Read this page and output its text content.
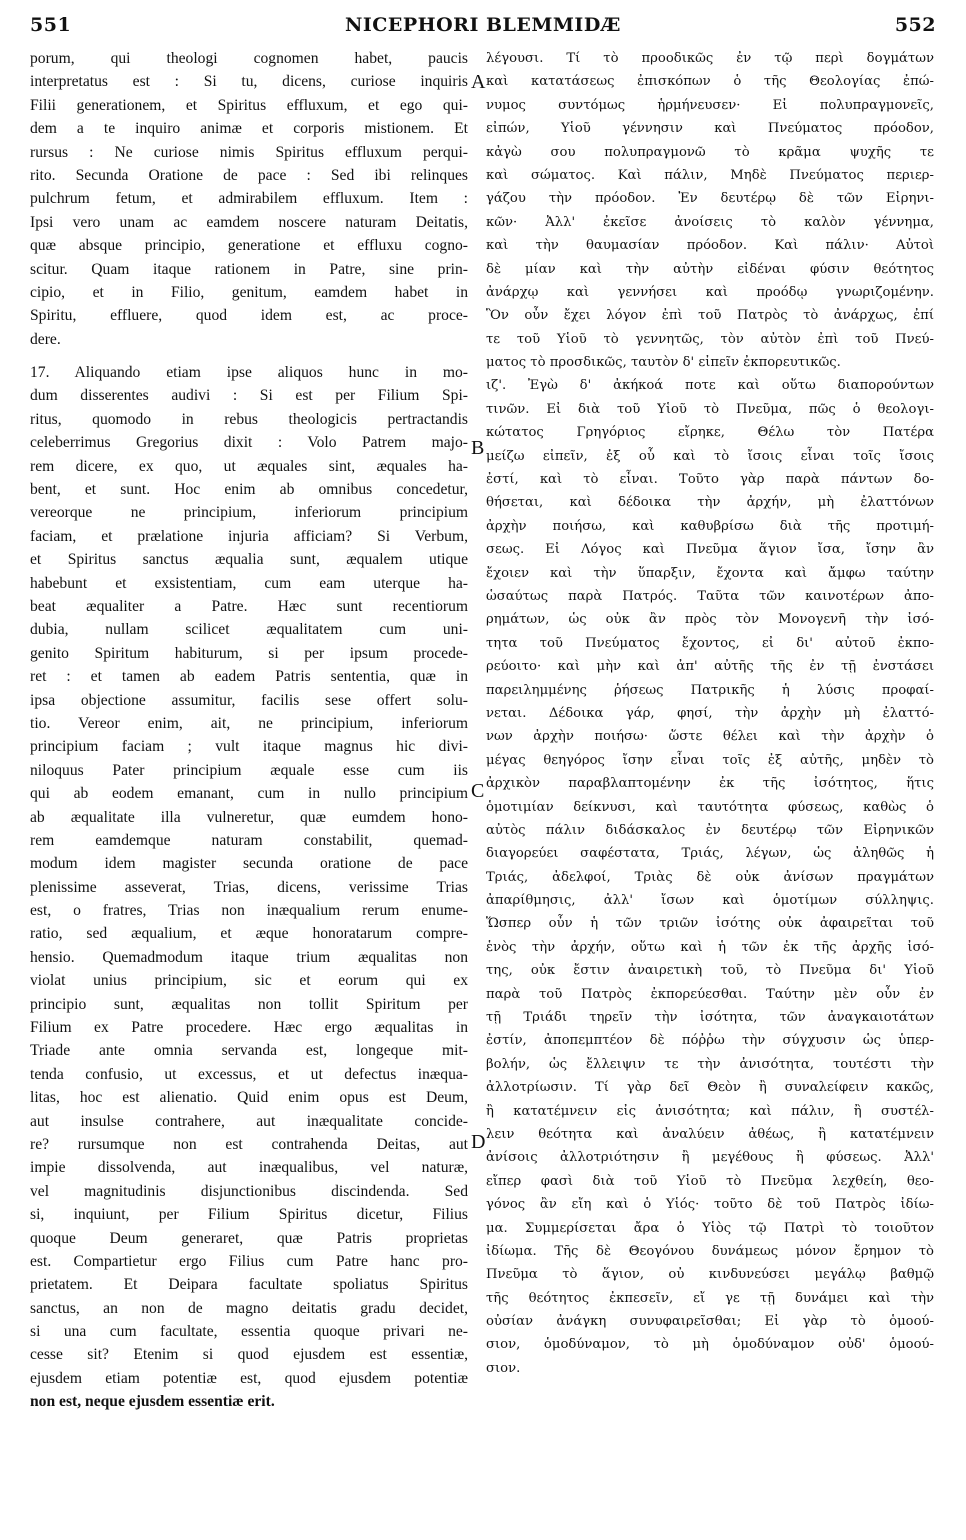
551	NICEPHORI BLEMMIDÆ	552
porum, qui theologi cognomen habet, paucis
interpretatus est : Si tu, dicens, curiose inquiris
Filii generationem, et Spiritus effluxum, et ego qui-
dem a te inquiro animæ et corporis mistionem. Et
rursus : Ne curiose nimis Spiritus effluxum perqui-
rito. Secunda Oratione de pace : Sed ibi relinques
pulchrum fetum, et admirabilem effluxum. Item :
Ipsi vero unam ac eamdem noscere naturam Deitatis,
quæ absque principio, generatione et effluxu cogno-
scitur. Quam itaque rationem in Patre, sine prin-
cipio, et in Filio, genitum, eamdem habet in
Spiritu, effluere, quod idem est, ac proce-
dere.
17. Aliquando etiam ipse aliquos hunc in mo-
dum disserentes audivi : Si est per Filium Spi-
ritus, quomodo in rebus theologicis pertractandis
celeberrimus Gregorius dixit : Volo Patrem majo-
rem dicere, ex quo, ut æquales sint, æquales ha-
bent, et sunt. Hoc enim ab omnibus concedetur,
vereorque ne principium, inferiorum principium
faciam, et prælatione injuria afficiam? Si Verbum,
et Spiritus sanctus æqualia sunt, æqualem utique
habebunt et exsistentiam, cum eam uterque ha-
beat æqualiter a Patre. Hæc sunt recentiorum
dubia, nullam scilicet æqualitatem cum uni-
genito Spiritum habiturum, si per ipsum procede-
ret : et tamen ab eadem Patris sententia, quæ in
ipsa objectione assumitur, facilis sese offert solu-
tio. Vereor enim, ait, ne principium, inferiorum
principium faciam ; vult itaque magnus hic divi-
niloquus Pater principium æquale esse cum iis
qui ab eodem emanant, cum in nullo principium
ab æqualitate illa vulneretur, quæ eumdem hono-
rem eamdemque naturam constabilit, quemad-
modum idem magister secunda oratione de pace
plenissime asseverat, Trias, dicens, verissime Trias
est, o fratres, Trias non inæqualium rerum enume-
ratio, sed æqualium, et æque honoratarum compre-
hensio. Quemadmodum itaque trium æqualitas non
violat unius principium, sic et eorum qui ex
principio sunt, æqualitas non tollit Spiritum per
Filium ex Patre procedere. Hæc ergo æqualitas in
Triade ante omnia servanda est, longeque mit-
tenda confusio, ut excessus, et ut defectus inæqua-
litas, hoc est alienatio. Quid enim opus est Deum,
aut insulse contrahere, aut inæqualitate concide-
re? rursumque non est contrahenda Deitas, aut
impie dissolvenda, aut inæqualibus, vel naturæ,
vel magnitudinis disjunctionibus discindenda. Sed
si, inquiunt, per Filium Spiritus dicetur, Filius
quoque Deum generaret, quæ Patris proprietas
est. Compartietur ergo Filius cum Patre hanc pro-
prietatem. Et Deipara facultate spoliatus Spiritus
sanctus, an non de magno deitatis gradu decidet,
si una cum facultate, essentia quoque privari ne-
cesse sit? Etenim si quod ejusdem est essentiæ,
ejusdem etiam potentiæ est, quod ejusdem potentiæ
non est, neque ejusdem essentiæ erit.
λέγουσι. Τί τὸ προοδικῶς ἐν τῷ περὶ δογμάτων
καὶ κατατάσεως ἐπισκόπων ὁ τῆς Θεολογίας ἐπώ-
νυμος συντόμως ἡρμήνευσεν· Εἰ πολυπραγμονεῖς,
εἰπών, Υἱοῦ γέννησιν καὶ Πνεύματος πρόοδον,
κἀγὼ σου πολυπραγμονῶ τὸ κρᾶμα ψυχῆς τε
καὶ σώματος. Καὶ πάλιν, Μηδὲ Πνεύματος περιερ-
γάζου τὴν πρόοδον. Ἐν δευτέρῳ δὲ τῶν Εἰρηνι-
κῶν· Ἀλλ' ἐκεῖσε ἀνοίσεις τὸ καλὸν γέννημα,
καὶ τὴν θαυμασίαν πρόοδον. Καὶ πάλιν· Αὐτοὶ
δὲ μίαν καὶ τὴν αὐτὴν εἰδέναι φύσιν θεότητος
ἀνάρχῳ καὶ γεννήσει καὶ προόδῳ γνωριζομένην.
Ὃν οὖν ἔχει λόγον ἐπὶ τοῦ Πατρὸς τὸ ἀνάρχως, ἐπί
τε τοῦ Υἱοῦ τὸ γεννητῶς, τὸν αὐτὸν ἐπὶ τοῦ Πνεύ-
ματος τὸ προσδικῶς, ταυτὸν δ' εἰπεῖν ἐκπορευτικῶς.
ιζ'. Ἐγὼ δ' ἀκήκοά ποτε καὶ οὕτω διαπορούντων
τινῶν. Εἰ διὰ τοῦ Υἱοῦ τὸ Πνεῦμα, πῶς ὁ θεολογι-
κώτατος Γρηγόριος εἴρηκε, Θέλω τὸν Πατέρα
μείζω εἰπεῖν, ἐξ οὗ καὶ τὸ ἴσοις εἶναι τοῖς ἴσοις
ἐστί, καὶ τὸ εἶναι. Τοῦτο γὰρ παρὰ πάντων δο-
θήσεται, καὶ δέδοικα τὴν ἀρχήν, μὴ ἐλαττόνων
ἀρχὴν ποιήσω, καὶ καθυβρίσω διὰ τῆς προτιμή-
σεως. Εἰ Λόγος καὶ Πνεῦμα ἅγιον ἴσα, ἴσην ἂν
ἔχοιεν καὶ τὴν ὕπαρξιν, ἔχοντα καὶ ἄμφω ταύτην
ὡσαύτως παρὰ Πατρός. Ταῦτα τῶν καινοτέρων ἀπο-
ρημάτων, ὡς οὐκ ἂν πρὸς τὸν Μονογενῆ τὴν ἰσό-
τητα τοῦ Πνεύματος ἔχοντος, εἰ δι' αὐτοῦ ἐκπο-
ρεύοιτο· καὶ μὴν καὶ ἀπ' αὐτῆς τῆς ἐν τῇ ἐνστάσει
παρειλημμένης ῥήσεως Πατρικῆς ἡ λύσις προφαί-
νεται. Δέδοικα γάρ, φησί, τὴν ἀρχὴν μὴ ἐλαττό-
νων ἀρχὴν ποιήσω· ὥστε θέλει καὶ τὴν ἀρχὴν ὁ
μέγας θεηγόρος ἴσην εἶναι τοῖς ἐξ αὐτῆς, μηδὲν τὸ
ἀρχικὸν παραβλαπτομένην ἐκ τῆς ἰσότητος, ἥτις
ὁμοτιμίαν δείκνυσι, καὶ ταυτότητα φύσεως, καθὼς ὁ
αὐτὸς πάλιν διδάσκαλος ἐν δευτέρῳ τῶν Εἰρηνικῶν
διαγορεύει σαφέστατα, Τριάς, λέγων, ὡς ἀληθῶς ἡ
Τριάς, ἀδελφοί, Τριὰς δὲ οὐκ ἀνίσων πραγμάτων
ἀπαρίθμησις, ἀλλ' ἴσων καὶ ὁμοτίμων σύλληψις.
Ὥσπερ οὖν ἡ τῶν τριῶν ἰσότης οὐκ ἀφαιρεῖται τοῦ
ἑνὸς τὴν ἀρχήν, οὕτω καὶ ἡ τῶν ἐκ τῆς ἀρχῆς ἰσό-
της, οὐκ ἔστιν ἀναιρετικὴ τοῦ, τὸ Πνεῦμα δι' Υἱοῦ
παρὰ τοῦ Πατρὸς ἐκπορεύεσθαι. Ταύτην μὲν οὖν ἐν
τῇ Τριάδι τηρεῖν τὴν ἰσότητα, τῶν ἀναγκαιοτάτων
ἐστίν, ἀποπεμπτέον δὲ πόῤῥω τὴν σύγχυσιν ὡς ὑπερ-
βολήν, ὡς ἔλλειψιν τε τὴν ἀνισότητα, τουτέστι τὴν
ἀλλοτρίωσιν. Τί γὰρ δεῖ Θεὸν ἢ συναλείφειν κακῶς,
ἢ κατατέμνειν εἰς ἀνισότητα; καὶ πάλιν, ἢ συστέλ-
λειν θεότητα καὶ ἀναλύειν ἀθέως, ἢ κατατέμνειν
ἀνίσοις ἀλλοτριότησιν ἢ μεγέθους ἢ φύσεως. Ἀλλ'
εἴπερ φασὶ διὰ τοῦ Υἱοῦ τὸ Πνεῦμα λεχθείη, θεο-
γόνος ἂν εἴη καὶ ὁ Υἱός· τοῦτο δὲ τοῦ Πατρὸς ἰδίω-
μα. Συμμερίσεται ἄρα ὁ Υἱὸς τῷ Πατρὶ τὸ τοιοῦτον
ἰδίωμα. Τῆς δὲ Θεογόνου δυνάμεως μόνον ἔρημον τὸ
Πνεῦμα τὸ ἅγιον, οὐ κινδυνεύσει μεγάλῳ βαθμῷ
τῆς θεότητος ἐκπεσεῖν, εἴ γε τῇ δυνάμει καὶ τὴν
οὐσίαν ἀνάγκη συνυφαιρεῖσθαι; Εἰ γὰρ τὸ ὁμοού-
σιον, ὁμοδύναμον, τὸ μὴ ὁμοδύναμον οὐδ' ὁμοού-
σιον.
A
B
C
D
